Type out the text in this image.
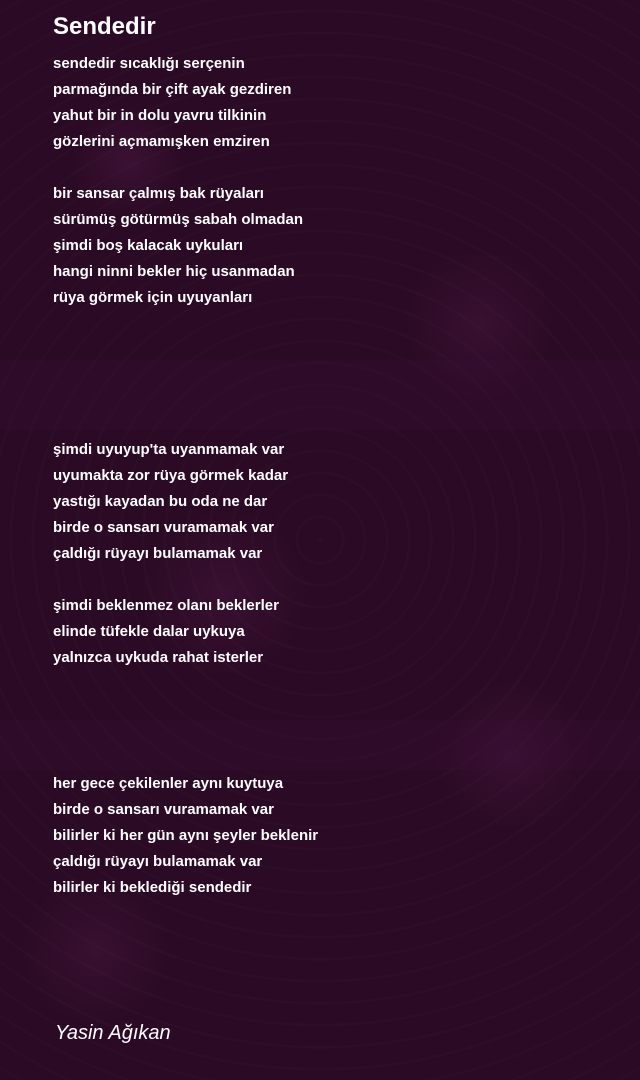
Sendedir
sendedir sıcaklığı serçenin
parmağında bir çift ayak gezdiren
yahut bir in dolu yavru tilkinin
gözlerini açmamışken emziren
bir sansar çalmış bak rüyaları
sürümüş götürmüş sabah olmadan
şimdi boş kalacak uykuları
hangi ninni bekler hiç usanmadan
rüya görmek için uyuyanları
şimdi uyuyup'ta uyanmamak var
uyumakta zor rüya görmek kadar
yastığı kayadan bu oda ne dar
birde o sansarı vuramamak var
çaldığı rüyayı bulamamak var
şimdi beklenmez olanı beklerler
elinde tüfekle dalar uykuya
yalnızca uykuda rahat isterler
her gece çekilenler aynı kuytuya
birde o sansarı vuramamak var
bilirler ki her gün aynı şeyler beklenir
çaldığı rüyayı bulamamak var
bilirler ki beklediği sendedir

Yasin Ağıkan
